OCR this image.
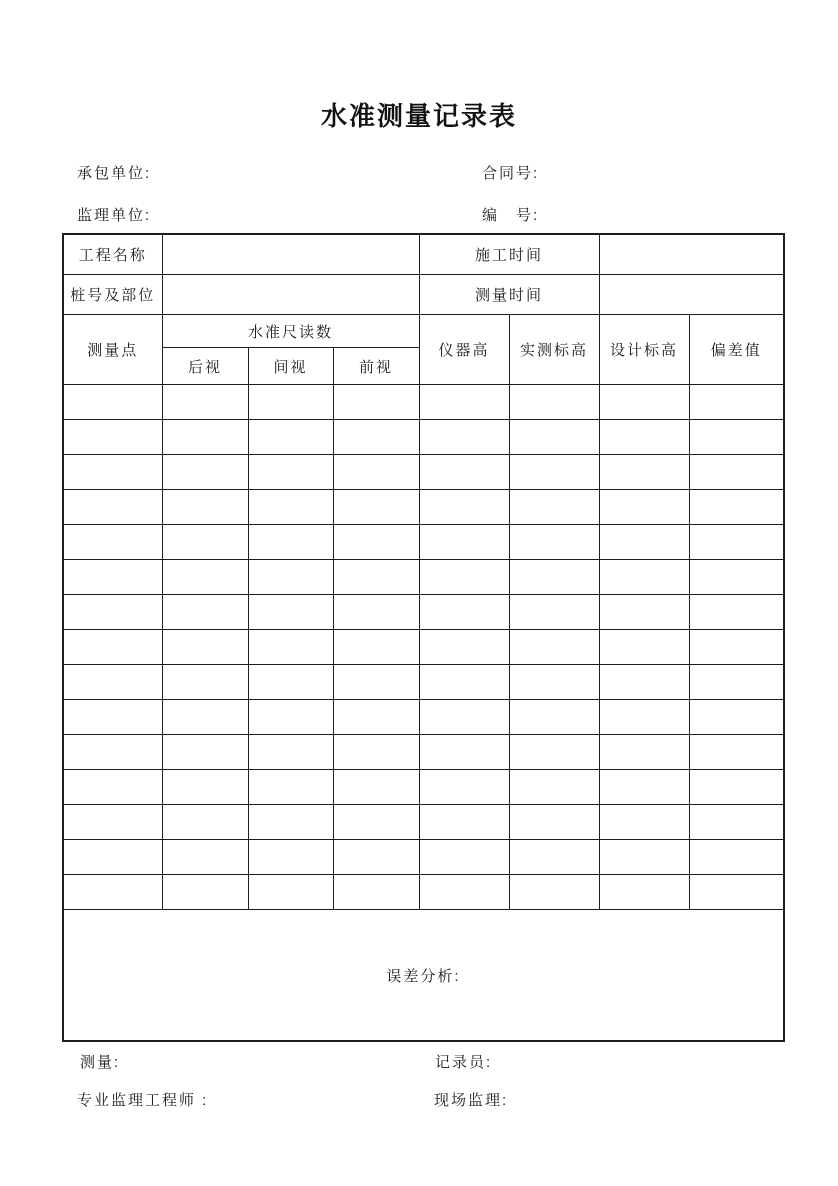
水准测量记录表
承包单位:	合同号:
监理单位:	编　号:
工程名称				施工时间			
桩号及部位				测量时间			
测量点	水准尺读数			仪器高	实测标高	设计标高	偏差值
	后视	间视	前视				

误差分析:							
测量:	记录员:
专业监理工程师 :	现场监理:
